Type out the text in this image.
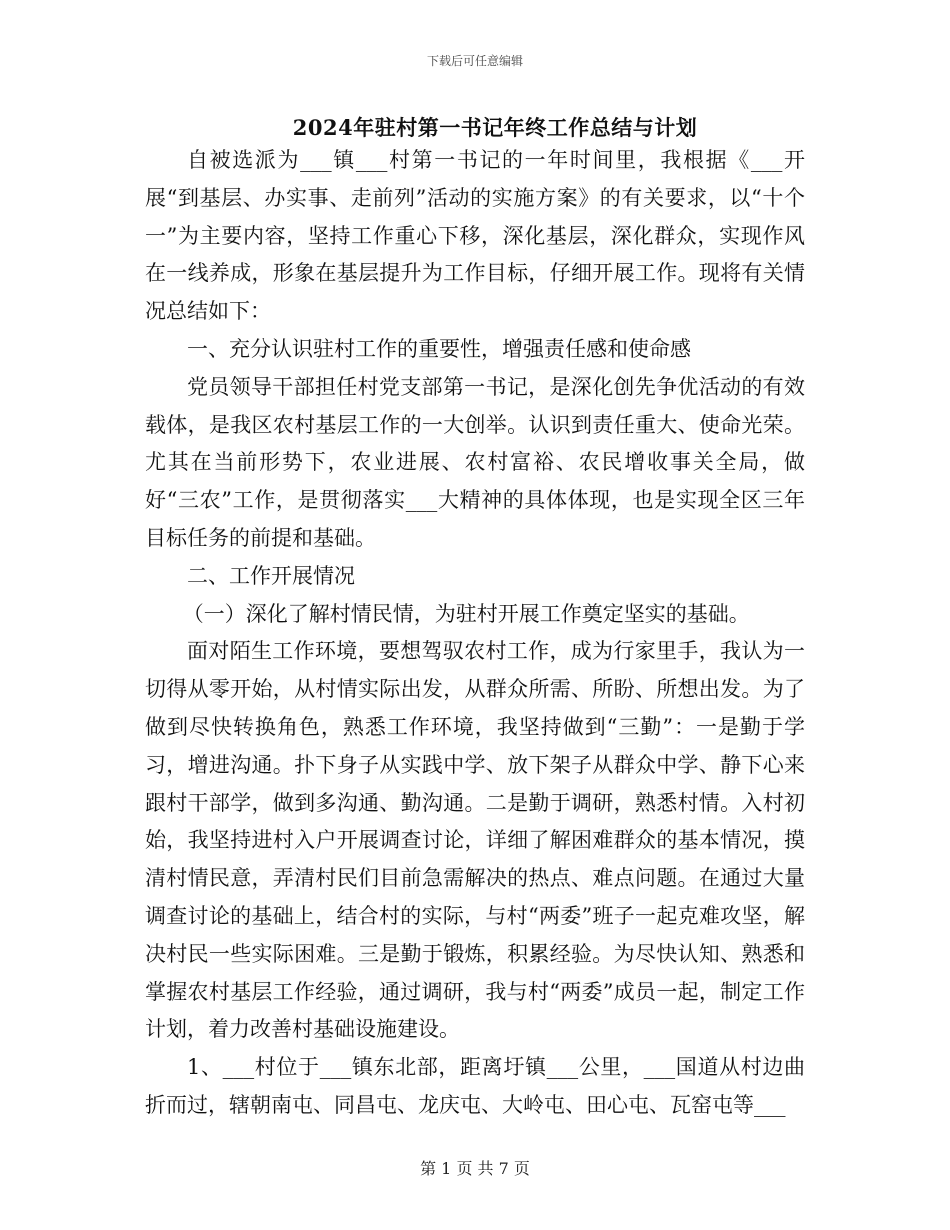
下载后可任意编辑
2024年驻村第一书记年终工作总结与计划

自被选派为___镇___村第一书记的一年时间里，我根据《___开展“到基层、办实事、走前列”活动的实施方案》的有关要求，以“十个一”为主要内容，坚持工作重心下移，深化基层，深化群众，实现作风在一线养成，形象在基层提升为工作目标，仔细开展工作。现将有关情况总结如下：

一、充分认识驻村工作的重要性，增强责任感和使命感

党员领导干部担任村党支部第一书记，是深化创先争优活动的有效载体，是我区农村基层工作的一大创举。认识到责任重大、使命光荣。尤其在当前形势下，农业进展、农村富裕、农民增收事关全局，做好“三农”工作，是贯彻落实___大精神的具体体现，也是实现全区三年目标任务的前提和基础。

二、工作开展情况

（一）深化了解村情民情，为驻村开展工作奠定坚实的基础。

面对陌生工作环境，要想驾驭农村工作，成为行家里手，我认为一切得从零开始，从村情实际出发，从群众所需、所盼、所想出发。为了做到尽快转换角色，熟悉工作环境，我坚持做到“三勤”：一是勤于学习，增进沟通。扑下身子从实践中学、放下架子从群众中学、静下心来跟村干部学，做到多沟通、勤沟通。二是勤于调研，熟悉村情。入村初始，我坚持进村入户开展调查讨论，详细了解困难群众的基本情况，摸清村情民意，弄清村民们目前急需解决的热点、难点问题。在通过大量调查讨论的基础上，结合村的实际，与村“两委”班子一起克难攻坚，解决村民一些实际困难。三是勤于锻炼，积累经验。为尽快认知、熟悉和掌握农村基层工作经验，通过调研，我与村“两委”成员一起，制定工作计划，着力改善村基础设施建设。

1、___村位于___镇东北部，距离圩镇___公里，___国道从村边曲折而过，辖朝南屯、同昌屯、龙庆屯、大岭屯、田心屯、瓦窑屯等___

第 1 页 共 7 页
